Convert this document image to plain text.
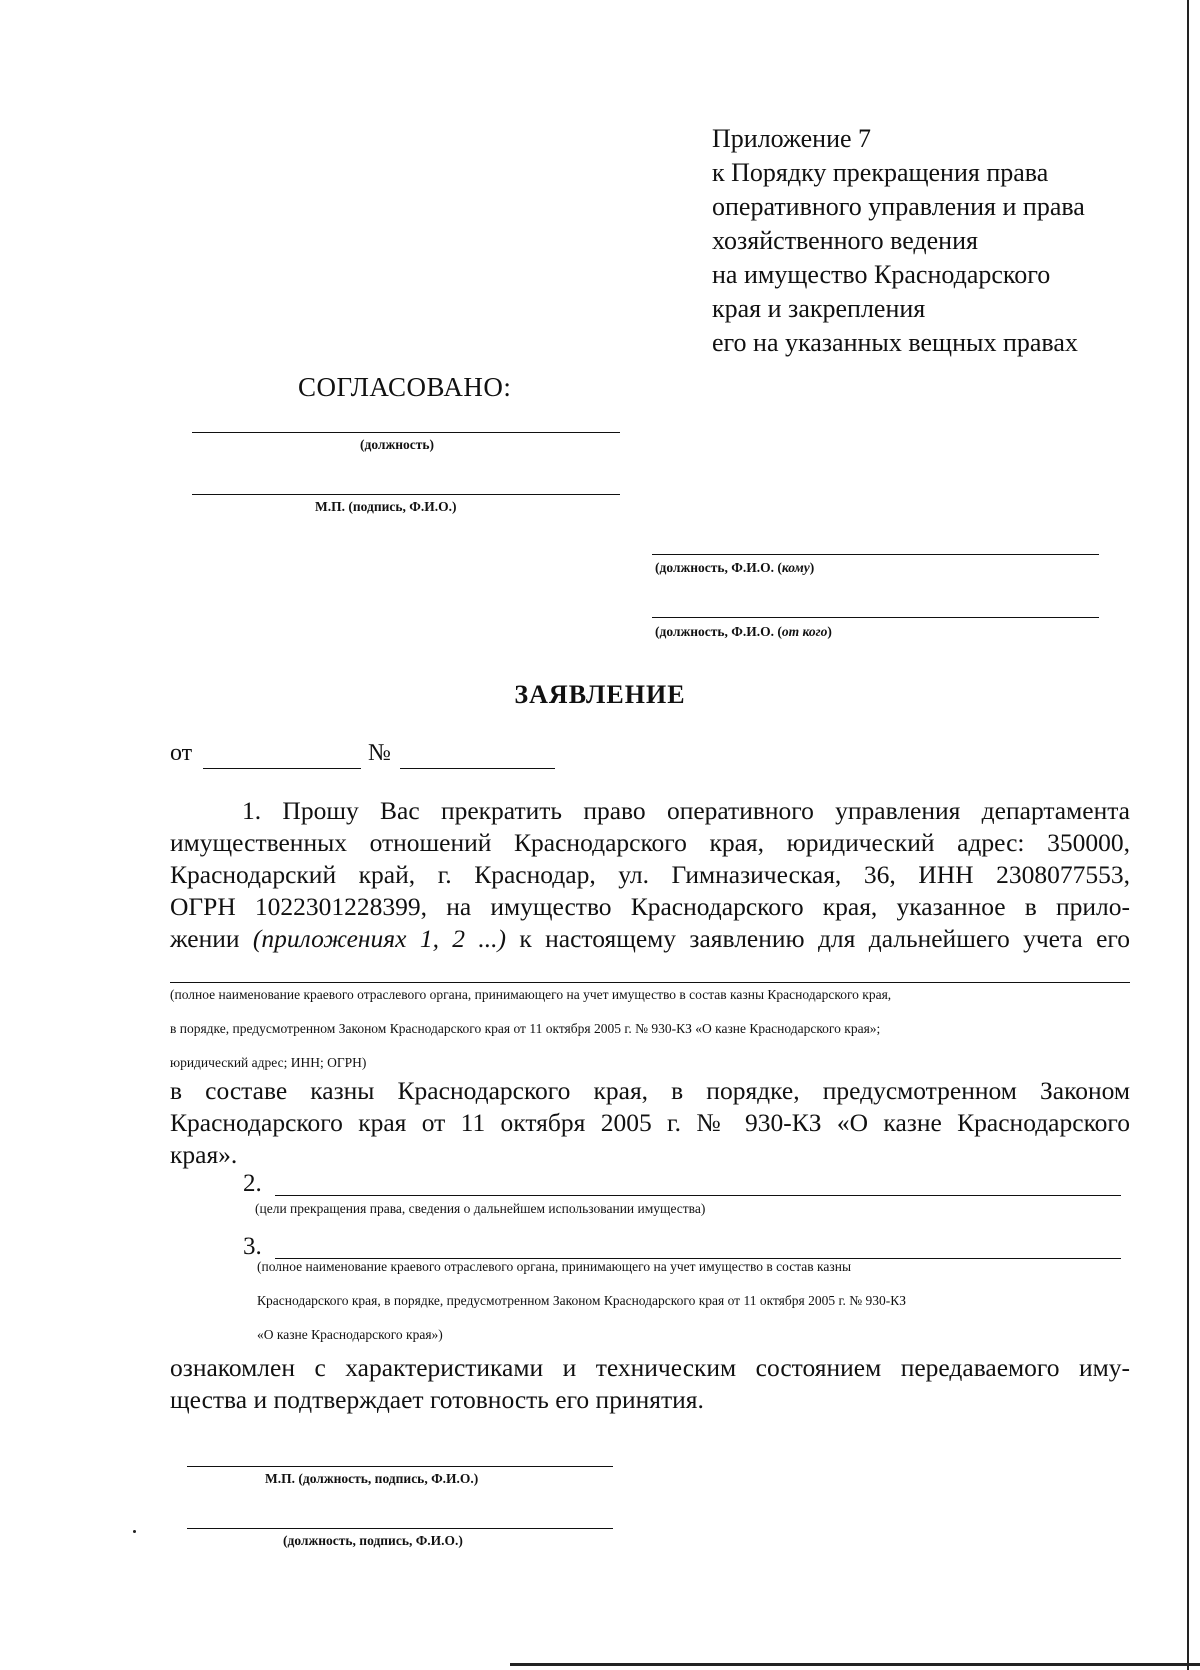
Приложение 7
к Порядку прекращения права
оперативного управления и права
хозяйственного ведения
на имущество Краснодарского
края и закрепления
его на указанных вещных правах
СОГЛАСОВАНО:
(должность)
М.П. (подпись, Ф.И.О.)
(должность, Ф.И.О. (кому)
(должность, Ф.И.О. (от кого)
ЗАЯВЛЕНИЕ
от	№
1. Прошу Вас прекратить право оперативного управления департамента
имущественных отношений Краснодарского края, юридический адрес: 350000,
Краснодарский край, г. Краснодар, ул. Гимназическая, 36, ИНН 2308077553,
ОГРН 1022301228399, на имущество Краснодарского края, указанное в прило-
жении (приложениях 1, 2 ...) к настоящему заявлению для дальнейшего учета его
(полное наименование краевого отраслевого органа, принимающего на учет имущество в состав казны Краснодарского края,
в порядке, предусмотренном Законом Краснодарского края от 11 октября 2005 г. № 930-КЗ «О казне Краснодарского края»;
юридический адрес; ИНН; ОГРН)
в составе казны Краснодарского края, в порядке, предусмотренном Законом
Краснодарского края от 11 октября 2005 г. № 930-КЗ «О казне Краснодарского
края».
2.
(цели прекращения права, сведения о дальнейшем использовании имущества)
3.
(полное наименование краевого отраслевого органа, принимающего на учет имущество в состав казны
Краснодарского края, в порядке, предусмотренном Законом Краснодарского края от 11 октября 2005 г. № 930-КЗ
«О казне Краснодарского края»)
ознакомлен с характеристиками и техническим состоянием передаваемого иму-
щества и подтверждает готовность его принятия.
М.П. (должность, подпись, Ф.И.О.)
(должность, подпись, Ф.И.О.)
